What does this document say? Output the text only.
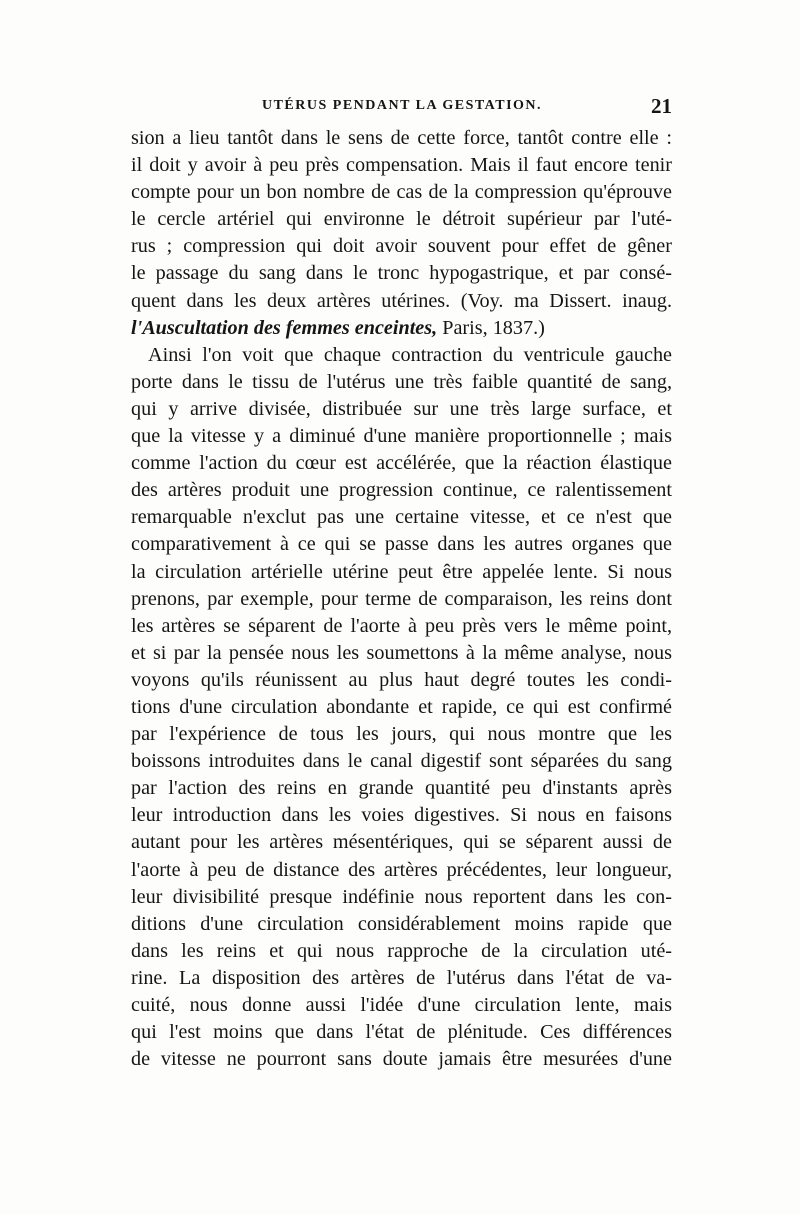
UTÉRUS PENDANT LA GESTATION.	21
sion a lieu tantôt dans le sens de cette force, tantôt contre elle :
il doit y avoir à peu près compensation. Mais il faut encore tenir
compte pour un bon nombre de cas de la compression qu'éprouve
le cercle artériel qui environne le détroit supérieur par l'uté-
rus ; compression qui doit avoir souvent pour effet de gêner
le passage du sang dans le tronc hypogastrique, et par consé-
quent dans les deux artères utérines. (Voy. ma Dissert. inaug.
l'Auscultation des femmes enceintes, Paris, 1837.)
Ainsi l'on voit que chaque contraction du ventricule gauche
porte dans le tissu de l'utérus une très faible quantité de sang,
qui y arrive divisée, distribuée sur une très large surface, et
que la vitesse y a diminué d'une manière proportionnelle ; mais
comme l'action du cœur est accélérée, que la réaction élastique
des artères produit une progression continue, ce ralentissement
remarquable n'exclut pas une certaine vitesse, et ce n'est que
comparativement à ce qui se passe dans les autres organes que
la circulation artérielle utérine peut être appelée lente. Si nous
prenons, par exemple, pour terme de comparaison, les reins dont
les artères se séparent de l'aorte à peu près vers le même point,
et si par la pensée nous les soumettons à la même analyse, nous
voyons qu'ils réunissent au plus haut degré toutes les condi-
tions d'une circulation abondante et rapide, ce qui est confirmé
par l'expérience de tous les jours, qui nous montre que les
boissons introduites dans le canal digestif sont séparées du sang
par l'action des reins en grande quantité peu d'instants après
leur introduction dans les voies digestives. Si nous en faisons
autant pour les artères mésentériques, qui se séparent aussi de
l'aorte à peu de distance des artères précédentes, leur longueur,
leur divisibilité presque indéfinie nous reportent dans les con-
ditions d'une circulation considérablement moins rapide que
dans les reins et qui nous rapproche de la circulation uté-
rine. La disposition des artères de l'utérus dans l'état de va-
cuité, nous donne aussi l'idée d'une circulation lente, mais
qui l'est moins que dans l'état de plénitude. Ces différences
de vitesse ne pourront sans doute jamais être mesurées d'une
